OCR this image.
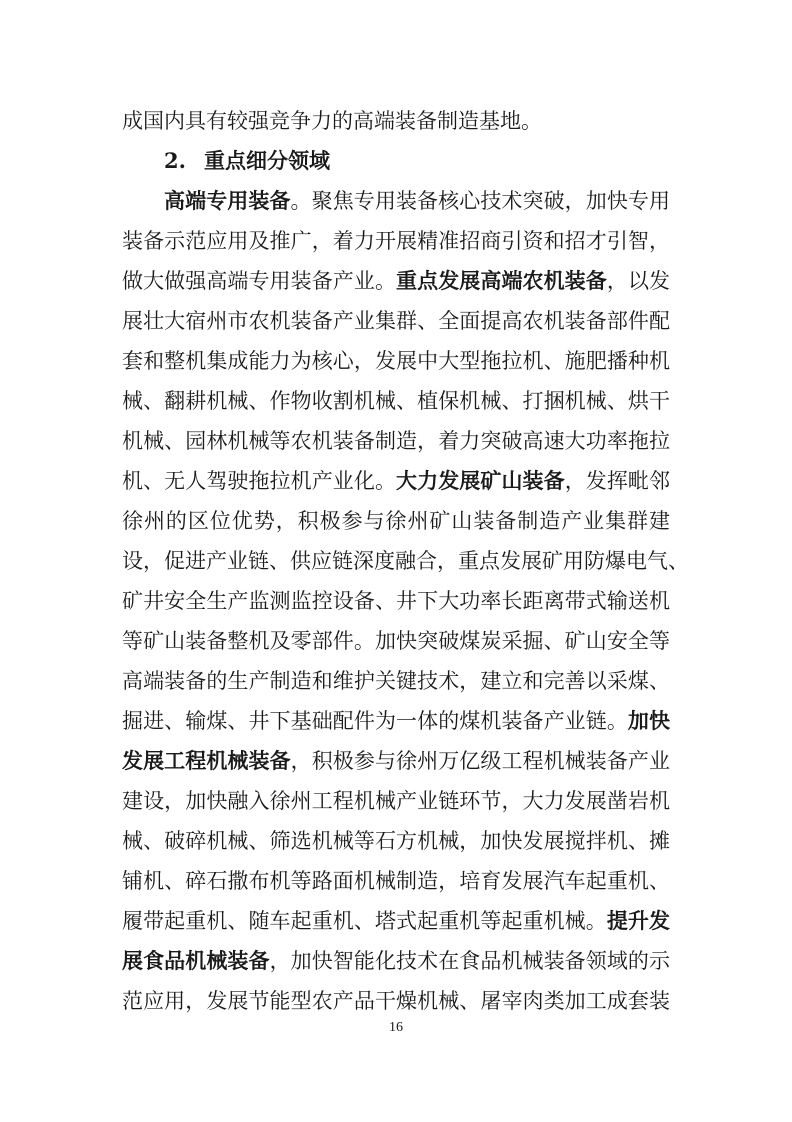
成国内具有较强竞争力的高端装备制造基地。
2. 重点细分领域
高端专用装备。聚焦专用装备核心技术突破，加快专用
装备示范应用及推广，着力开展精准招商引资和招才引智，
做大做强高端专用装备产业。重点发展高端农机装备，以发
展壮大宿州市农机装备产业集群、全面提高农机装备部件配
套和整机集成能力为核心，发展中大型拖拉机、施肥播种机
械、翻耕机械、作物收割机械、植保机械、打捆机械、烘干
机械、园林机械等农机装备制造，着力突破高速大功率拖拉
机、无人驾驶拖拉机产业化。大力发展矿山装备，发挥毗邻
徐州的区位优势，积极参与徐州矿山装备制造产业集群建
设，促进产业链、供应链深度融合，重点发展矿用防爆电气、
矿井安全生产监测监控设备、井下大功率长距离带式输送机
等矿山装备整机及零部件。加快突破煤炭采掘、矿山安全等
高端装备的生产制造和维护关键技术，建立和完善以采煤、
掘进、输煤、井下基础配件为一体的煤机装备产业链。加快
发展工程机械装备，积极参与徐州万亿级工程机械装备产业
建设，加快融入徐州工程机械产业链环节，大力发展凿岩机
械、破碎机械、筛选机械等石方机械，加快发展搅拌机、摊
铺机、碎石撒布机等路面机械制造，培育发展汽车起重机、
履带起重机、随车起重机、塔式起重机等起重机械。提升发
展食品机械装备，加快智能化技术在食品机械装备领域的示
范应用，发展节能型农产品干燥机械、屠宰肉类加工成套装
16
